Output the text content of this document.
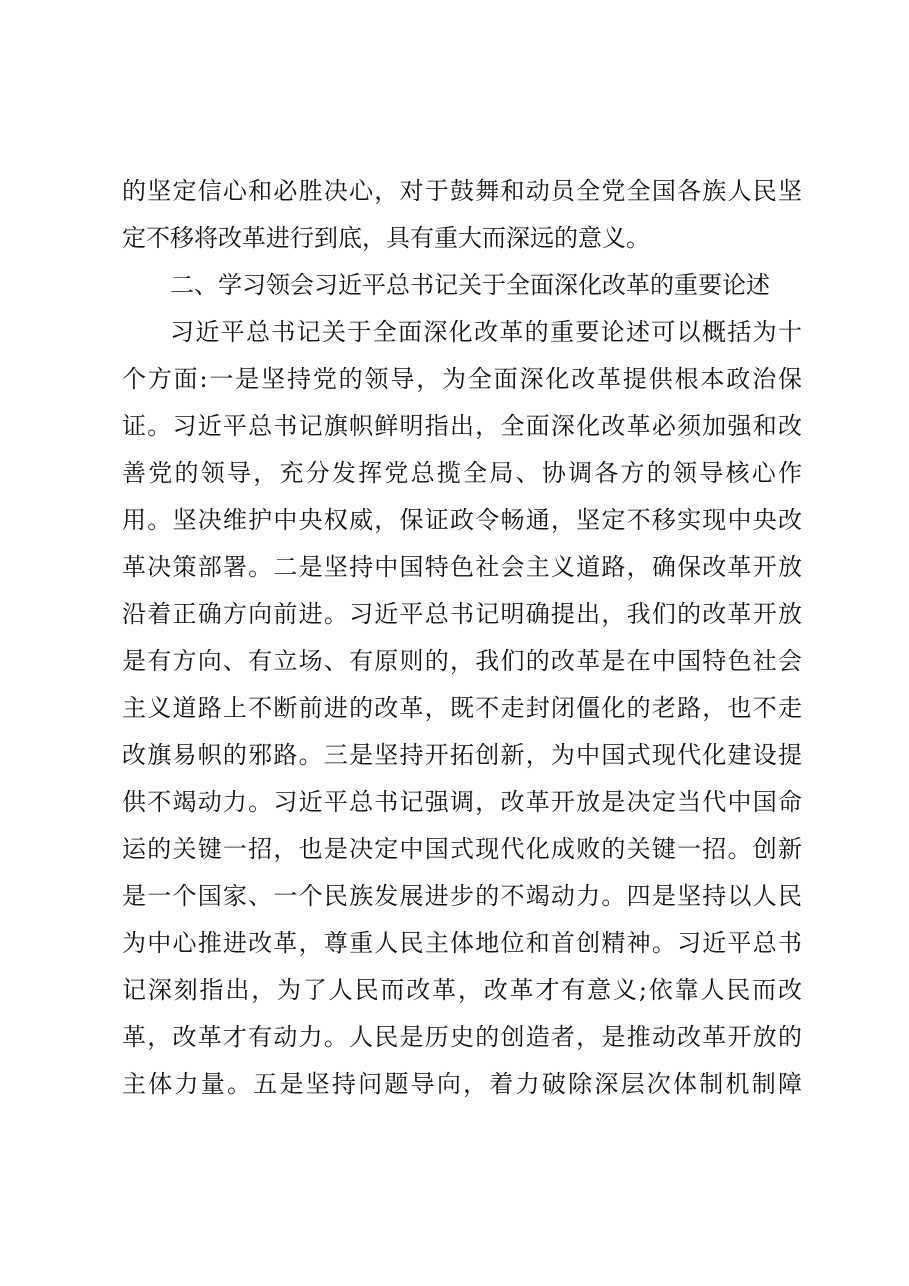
的坚定信心和必胜决心，对于鼓舞和动员全党全国各族人民坚
定不移将改革进行到底，具有重大而深远的意义。
二、学习领会习近平总书记关于全面深化改革的重要论述
习近平总书记关于全面深化改革的重要论述可以概括为十
个方面:一是坚持党的领导，为全面深化改革提供根本政治保
证。习近平总书记旗帜鲜明指出，全面深化改革必须加强和改
善党的领导，充分发挥党总揽全局、协调各方的领导核心作
用。坚决维护中央权威，保证政令畅通，坚定不移实现中央改
革决策部署。二是坚持中国特色社会主义道路，确保改革开放
沿着正确方向前进。习近平总书记明确提出，我们的改革开放
是有方向、有立场、有原则的，我们的改革是在中国特色社会
主义道路上不断前进的改革，既不走封闭僵化的老路，也不走
改旗易帜的邪路。三是坚持开拓创新，为中国式现代化建设提
供不竭动力。习近平总书记强调，改革开放是决定当代中国命
运的关键一招，也是决定中国式现代化成败的关键一招。创新
是一个国家、一个民族发展进步的不竭动力。四是坚持以人民
为中心推进改革，尊重人民主体地位和首创精神。习近平总书
记深刻指出，为了人民而改革，改革才有意义;依靠人民而改
革，改革才有动力。人民是历史的创造者，是推动改革开放的
主体力量。五是坚持问题导向，着力破除深层次体制机制障
